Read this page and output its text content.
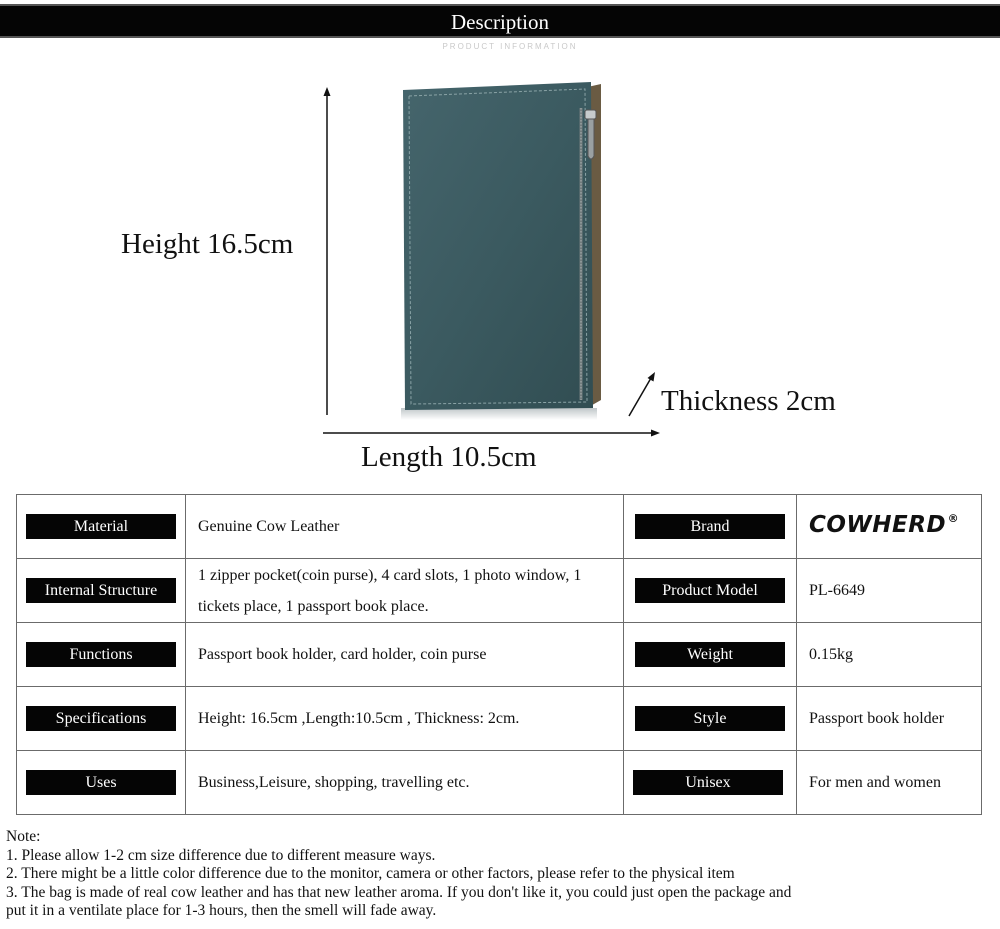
Description
PRODUCT INFORMATION
Height 16.5cm
Length 10.5cm
Thickness 2cm
Material	Genuine Cow Leather	Brand	COWHERD ®

Internal Structure	1 zipper pocket(coin purse), 4 card slots, 1 photo window, 1 tickets place, 1 passport book place.	Product Model	PL-6649
Functions	Passport book holder, card holder, coin purse	Weight	0.15kg
Specifications	Height: 16.5cm ,Length:10.5cm , Thickness: 2cm.	Style	Passport book holder
Uses	Business,Leisure, shopping, travelling etc.	Unisex	For men and women
Note:
1. Please allow 1-2 cm size difference due to different measure ways.
2. There might be a little color difference due to the monitor, camera or other factors, please refer to the physical item
3. The bag is made of real cow leather and has that new leather aroma. If you don't like it, you could just open the package and
put it in a ventilate place for 1-3 hours, then the smell will fade away.
